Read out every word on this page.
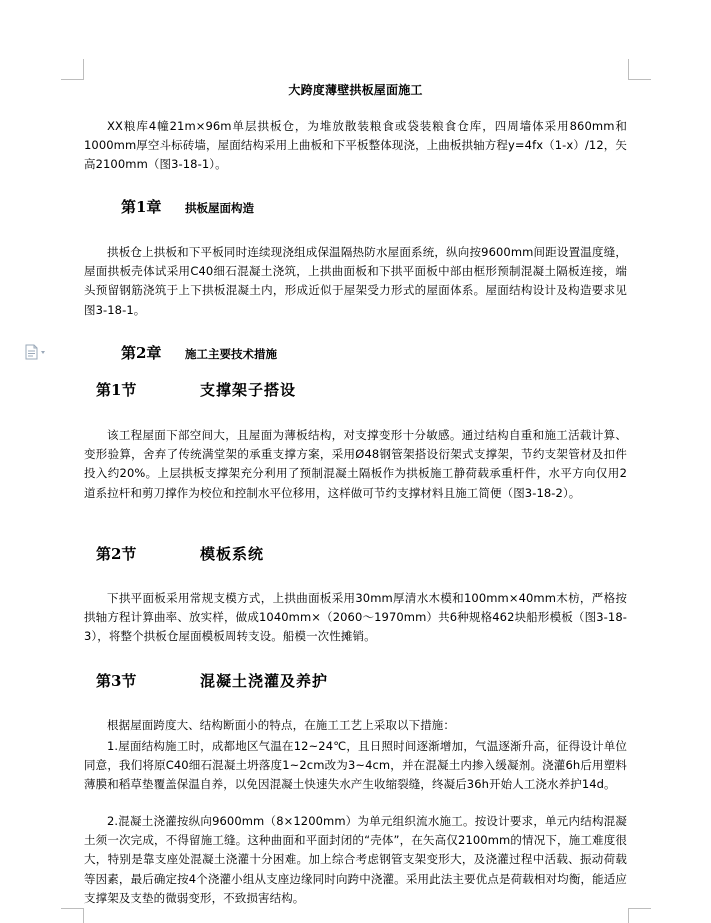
大跨度薄壁拱板屋面施工

XX粮库4幢21m×96m单层拱板仓，为堆放散装粮食或袋装粮食仓库，四周墙体采用860mm和1000mm厚空斗标砖墙，屋面结构采用上曲板和下平板整体现浇，上曲板拱轴方程y=4fx（1-x）/12，矢高2100mm（图3-18-1）。

第1章	拱板屋面构造

拱板仓上拱板和下平板同时连续现浇组成保温隔热防水屋面系统，纵向按9600mm间距设置温度缝，屋面拱板壳体试采用C40细石混凝土浇筑，上拱曲面板和下拱平面板中部由框形预制混凝土隔板连接，端头预留钢筋浇筑于上下拱板混凝土内，形成近似于屋架受力形式的屋面体系。屋面结构设计及构造要求见图3-18-1。

第2章	施工主要技术措施
第1节	支撑架子搭设

该工程屋面下部空间大，且屋面为薄板结构，对支撑变形十分敏感。通过结构自重和施工活载计算、变形验算，舍弃了传统满堂架的承重支撑方案，采用Ø48钢管架搭设衍架式支撑架，节约支架管材及扣件投入约20%。上层拱板支撑架充分利用了预制混凝土隔板作为拱板施工静荷载承重杆件，水平方向仅用2道系拉杆和剪刀撑作为校位和控制水平位移用，这样做可节约支撑材料且施工简便（图3-18-2）。

第2节	模板系统

下拱平面板采用常规支模方式，上拱曲面板采用30mm厚清水木模和100mm×40mm木枋，严格按拱轴方程计算曲率、放实样，做成1040mm×（2060～1970mm）共6种规格462块船形模板（图3-18-3），将整个拱板仓屋面模板周转支设。船模一次性摊销。

第3节	混凝土浇灌及养护

根据屋面跨度大、结构断面小的特点，在施工工艺上采取以下措施：

1.屋面结构施工时，成都地区气温在12~24℃，且日照时间逐渐增加，气温逐渐升高，征得设计单位同意，我们将原C40细石混凝土坍落度1~2cm改为3~4cm，并在混凝土内掺入缓凝剂。浇灌6h后用塑料薄膜和稻草垫覆盖保温自养，以免因混凝土快速失水产生收缩裂缝，终凝后36h开始人工浇水养护14d。

2.混凝土浇灌按纵向9600mm（8×1200mm）为单元组织流水施工。按设计要求，单元内结构混凝土须一次完成，不得留施工缝。这种曲面和平面封闭的“壳体”，在矢高仅2100mm的情况下，施工难度很大，特别是靠支座处混凝土浇灌十分困难。加上综合考虑钢管支架变形大，及浇灌过程中活载、振动荷载等因素，最后确定按4个浇灌小组从支座边缘同时向跨中浇灌。采用此法主要优点是荷载相对均衡，能适应支撑架及支垫的微弱变形，不致损害结构。
